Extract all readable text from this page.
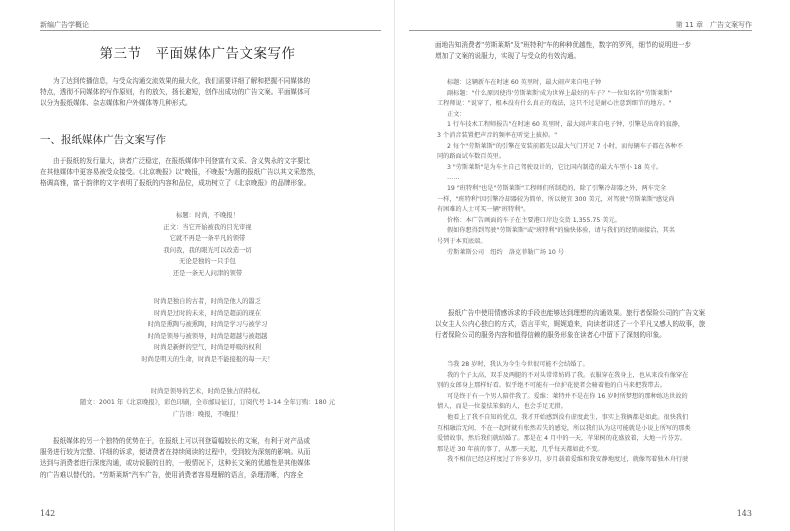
新编广告学概论
第三节　平面媒体广告文案写作

为了达到传播信息，与受众沟通交流效果的最大化，我们需要详细了解和把握不同媒体的

特点，透彻不同媒体的写作原则，有的放矢，扬长避短，创作出成功的广告文案。平面媒体可

以分为报纸媒体、杂志媒体和户外媒体等几种形式。

一、报纸媒体广告文案写作

由于报纸的发行量大，读者广泛稳定，在报纸媒体中刊登富有文采、含义隽永的文字要比

在其他媒体中更容易被受众接受。《北京晚报》以"晚报，不晚报"为题的报纸广告以其文采悠然，

格调高雅，富于韵律的文字表明了报纸的内容和品位，成功树立了《北京晚报》的品牌形象。

标题：时尚，不晚报！
正文：当它开始被我的目光审视
它就不再是一条平凡的领带
我问我，我的眼光可以改造一切
无论是独的一只手包
还是一条无人问津的领带
时尚是独自的古者，时尚是他人的嚣乏
时尚是过时的未来，时尚是超前的现在
时尚是熏陶与被熏陶，时尚是学习与被学习
时尚是领导与被领导，时尚是超越与被超越
时尚是新鲜的空气，时尚是呼吸的权利
时尚是明天的生命，时尚是不能接报的每一天！
时尚是领导的艺术，时尚是独占的特权。
随文：2001 年《北京晚报》，彩色印刷，全市邮局征订，订阅代号 1-14 全年订购：180 元
广告语：晚报，不晚报！

报纸媒体的另一个独特的优势在于，在报纸上可以刊登篇幅较长的文案，有利于对产品或

服务进行较为完整、详细的诉求，便诸费者在持续阅读的过程中，受到较为深刻的影响。从而

达到与消费者进行深度沟通，或功说服的目的，一般情况下，这种长文案的优越性是其他媒体

的广告难以替代的。"劳斯莱斯"汽车广告，使用消费者容易理解的语言，条理清晰，内容全

142
第 11 章　广告文案写作

面地告知消费者"劳斯莱斯"及"班特利"车的种种优越性，数字的罗列，细节的说明进一步

增加了文案的说服力，实现了与受众的有效沟通。

标题：这辆新车在时速 60 英里时，最大闹声来自电子钟
副标题："什么原因使得'劳斯莱斯'成为世界上最好的车子？"一位知名的"劳斯莱斯"
工程师说："说穿了，根本没有什么真正的戏法，这只不过是耐心注意到细节的地方。"
正文：
1 行车技术工程师报告"在时速 60 英里时，最大闹声来自电子钟，引擎是出奇的寂静，
3 个消音装置把声音的频率在听觉上拔掉。"
2 每个"劳斯莱斯"的引擎在安装前都先以最大气门开足 7 小时，而每辆车子都在各种不
同的路面试车数百英里。
3 "劳斯莱斯"是为车主自己驾驶设计的，它比国内制造的最大车型小 18 英寸。
……
19 "班特利"也是"劳斯莱斯"工程师们所制造的，除了引擎冷却器之外，两车完全
一样，"班特利"因引擎冷却器较为简单，所以便宜 300 美元，对驾驶"劳斯莱斯"感觉尚
有困难的人士可买一辆"班特利"。
价格：本广告画面的车子在主要港口岸边交货 1,355.75 美元。
假如你想得到驾驶"劳斯莱斯"或"班特利"的愉快体验，请与我们的经销商接洽，其名
号列于本页底端。
劳斯莱斯公司　纽约　洛克菲勒广场 10 号

报纸广告中使用情感诉求的手段也能够达到理想的沟通效果。旅行者保险公司的广告文案

以女主人公内心独白的方式，语言平实，娓娓道来，向读者讲述了一个平凡又感人的故事，旅

行者保险公司的服务内容和值得信赖的服务形象在读者心中留下了深刻的印象。

当我 28 岁时，我认为今生今世很可能不会结婚了。
我的个子太高，双手及两腿的不对头常常妨碍了我。衣服穿在我身上，也从来没有像穿在
别的女郎身上那样好看。似乎绝不可能有一位护花使者会骑着他的白马来把我带去。
可是终于有一个男人陪伴我了。爱维：莱特并不是在你 16 岁时所梦想的那种练达世故的
情人，而是一位羞怯笨拙的人，也会手足无措。
他看上了我不自知的优点，我才开始感到没有虚度此生，事实上我俩都是如此。很快我们
互相融洽无间，不在一起时就有怅然若失的感觉，所以我们认为这可能就是小说上所写的那类
爱情故事，然后我们就结婚了。那是在 4 月中的一天，苹果树的花盛放着，大地一片芬芳。
那是近 30 年前的事了，从那一天起，几乎每天都如此不变。
我不相信已经这样度过了许多岁月，岁月载着爱维和我安静地度过，就像驾着独木舟行驶
143
